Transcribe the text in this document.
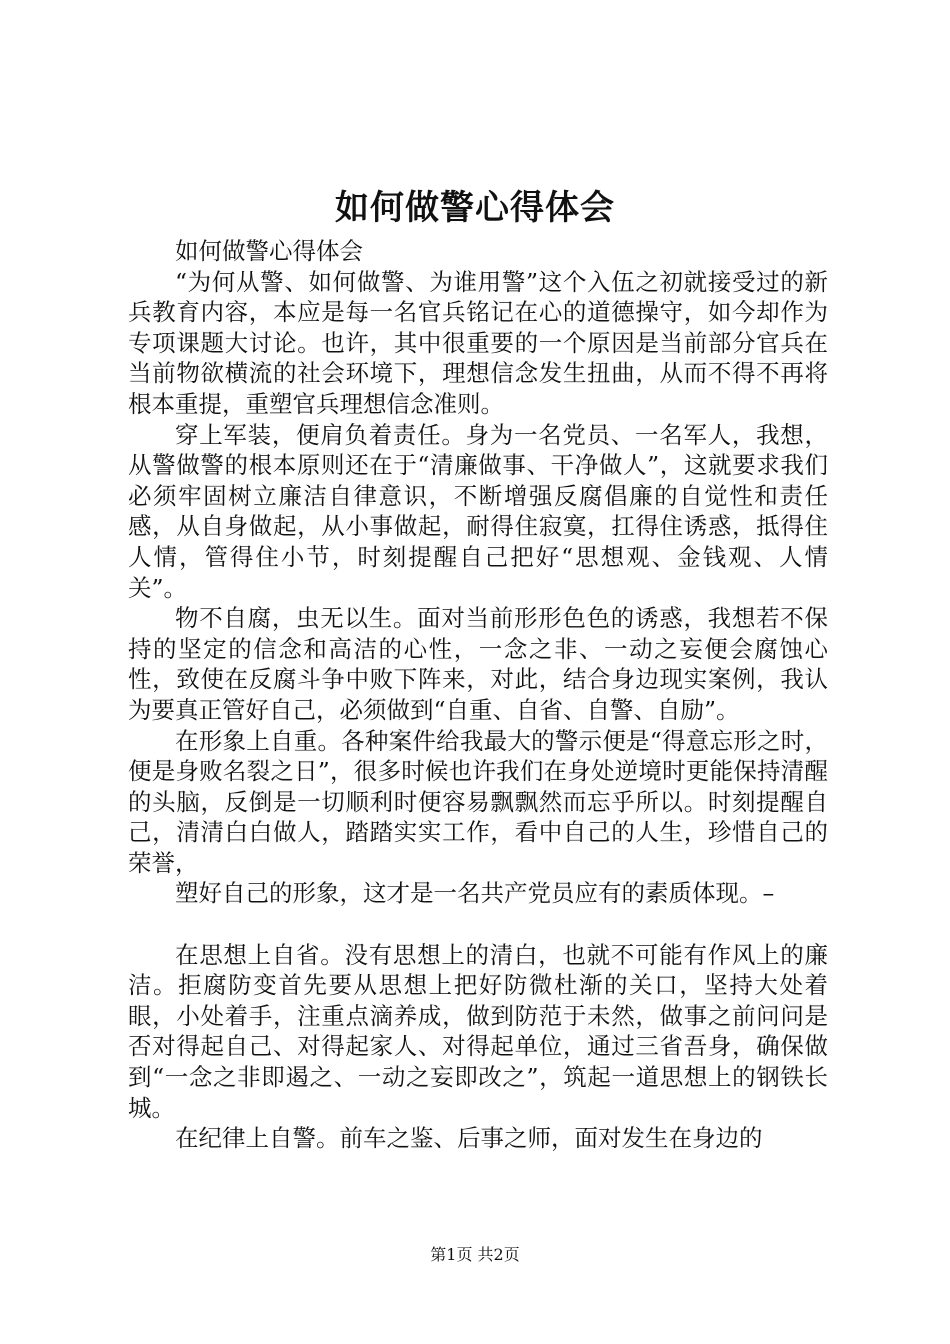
如何做警心得体会

如何做警心得体会

“为何从警、如何做警、为谁用警”这个入伍之初就接受过的新兵教育内容，本应是每一名官兵铭记在心的道德操守，如今却作为专项课题大讨论。也许，其中很重要的一个原因是当前部分官兵在当前物欲横流的社会环境下，理想信念发生扭曲，从而不得不再将根本重提，重塑官兵理想信念准则。

穿上军装，便肩负着责任。身为一名党员、一名军人，我想，从警做警的根本原则还在于“清廉做事、干净做人”，这就要求我们必须牢固树立廉洁自律意识，不断增强反腐倡廉的自觉性和责任感，从自身做起，从小事做起，耐得住寂寞，扛得住诱惑，抵得住人情，管得住小节，时刻提醒自己把好“思想观、金钱观、人情关”。

物不自腐，虫无以生。面对当前形形色色的诱惑，我想若不保持的坚定的信念和高洁的心性，一念之非、一动之妄便会腐蚀心性，致使在反腐斗争中败下阵来，对此，结合身边现实案例，我认为要真正管好自己，必须做到“自重、自省、自警、自励”。

在形象上自重。各种案件给我最大的警示便是“得意忘形之时，便是身败名裂之日”，很多时候也许我们在身处逆境时更能保持清醒的头脑，反倒是一切顺利时便容易飘飘然而忘乎所以。时刻提醒自己，清清白白做人，踏踏实实工作，看中自己的人生，珍惜自己的荣誉，

塑好自己的形象，这才是一名共产党员应有的素质体现。–

在思想上自省。没有思想上的清白，也就不可能有作风上的廉洁。拒腐防变首先要从思想上把好防微杜渐的关口，坚持大处着眼，小处着手，注重点滴养成，做到防范于未然，做事之前问问是否对得起自己、对得起家人、对得起单位，通过三省吾身，确保做到“一念之非即遏之、一动之妄即改之”，筑起一道思想上的钢铁长城。

在纪律上自警。前车之鉴、后事之师，面对发生在身边的

第1页 共2页
